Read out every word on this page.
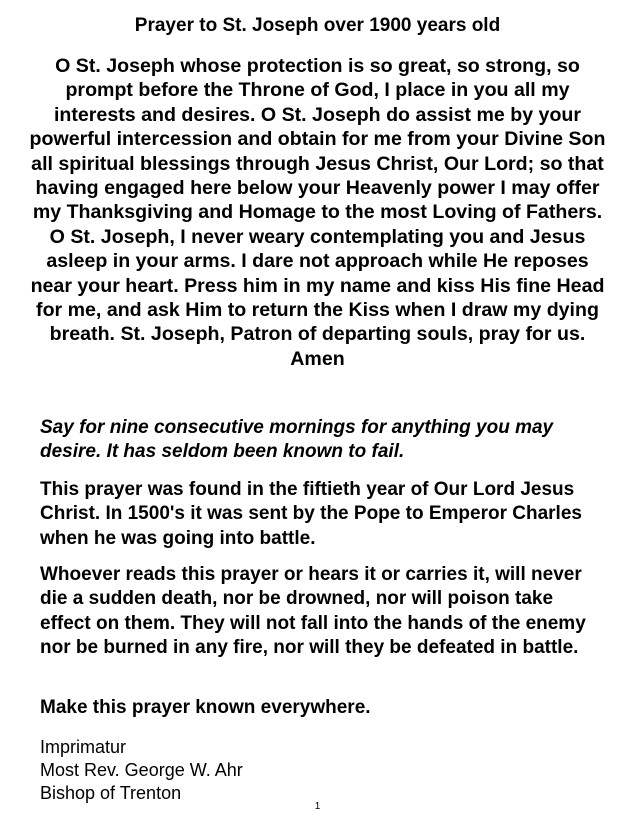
Prayer to St. Joseph over 1900 years old
O St. Joseph whose protection is so great, so strong, so prompt before the Throne of God, I place in you all my interests and desires. O St. Joseph do assist me by your powerful intercession and obtain for me from your Divine Son all spiritual blessings through Jesus Christ, Our Lord; so that having engaged here below your Heavenly power I may offer my Thanksgiving and Homage to the most Loving of Fathers. O St. Joseph, I never weary contemplating you and Jesus asleep in your arms. I dare not approach while He reposes near your heart. Press him in my name and kiss His fine Head for me, and ask Him to return the Kiss when I draw my dying breath. St. Joseph, Patron of departing souls, pray for us. Amen
Say for nine consecutive mornings for anything you may desire. It has seldom been known to fail.
This prayer was found in the fiftieth year of Our Lord Jesus Christ. In 1500's it was sent by the Pope to Emperor Charles when he was going into battle.
Whoever reads this prayer or hears it or carries it, will never die a sudden death, nor be drowned, nor will poison take effect on them. They will not fall into the hands of the enemy nor be burned in any fire, nor will they be defeated in battle.
Make this prayer known everywhere.
Imprimatur
Most Rev. George W. Ahr
Bishop of Trenton
1
